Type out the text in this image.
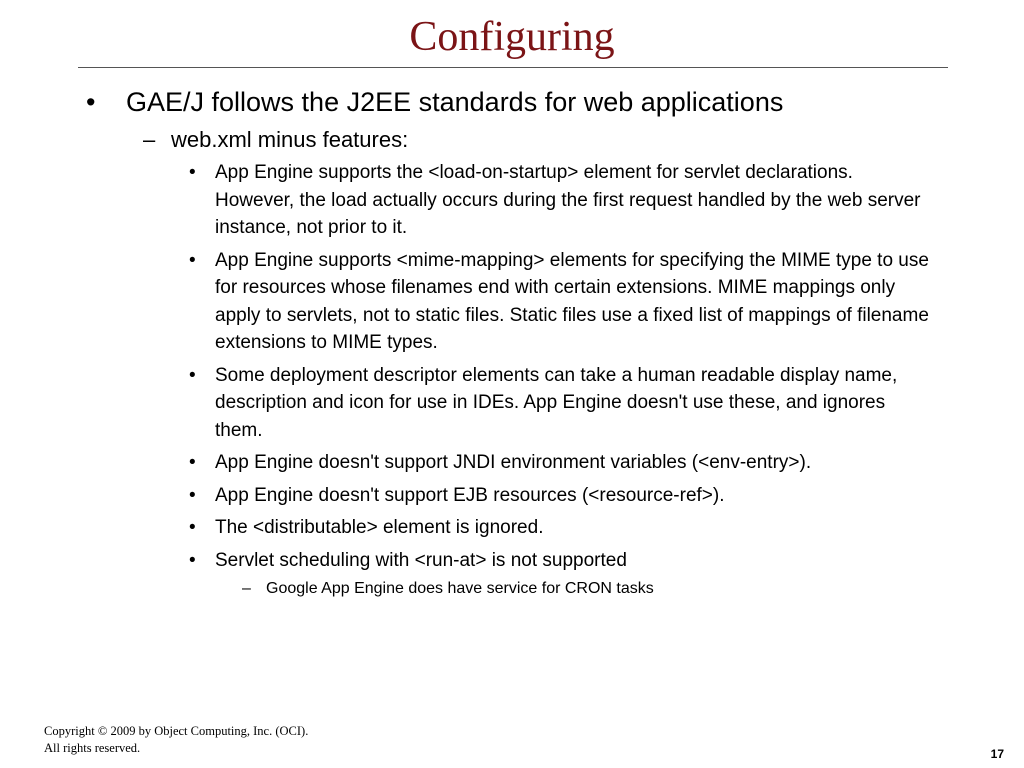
Configuring
• GAE/J follows the J2EE standards for web applications
– web.xml minus features:
• App Engine supports the <load-on-startup> element for servlet declarations. However, the load actually occurs during the first request handled by the web server instance, not prior to it.
• App Engine supports <mime-mapping> elements for specifying the MIME type to use for resources whose filenames end with certain extensions. MIME mappings only apply to servlets, not to static files. Static files use a fixed list of mappings of filename extensions to MIME types.
• Some deployment descriptor elements can take a human readable display name, description and icon for use in IDEs. App Engine doesn't use these, and ignores them.
• App Engine doesn't support JNDI environment variables (<env-entry>).
• App Engine doesn't support EJB resources (<resource-ref>).
• The <distributable> element is ignored.
• Servlet scheduling with <run-at> is not supported
– Google App Engine does have service for CRON tasks
Copyright © 2009 by Object Computing, Inc. (OCI).
All rights reserved.	17
